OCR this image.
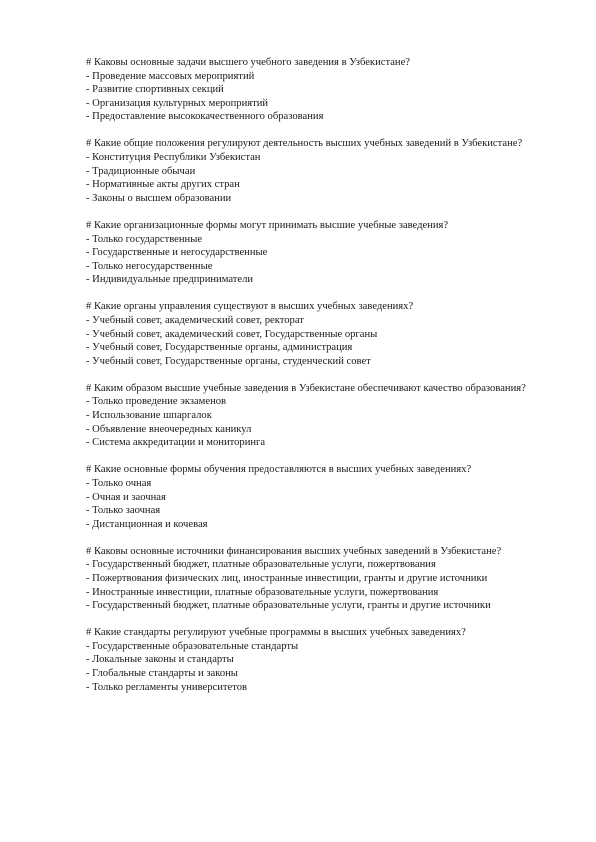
# Каковы основные задачи высшего учебного заведения в Узбекистане?
- Проведение массовых мероприятий
- Развитие спортивных секций
- Организация культурных мероприятий
- Предоставление высококачественного образования
# Какие общие положения регулируют деятельность высших учебных заведений в Узбекистане?
- Конституция Республики Узбекистан
- Традиционные обычаи
- Нормативные акты других стран
- Законы о высшем образовании
# Какие организационные формы могут принимать высшие учебные заведения?
- Только государственные
- Государственные и негосударственные
- Только негосударственные
- Индивидуальные предприниматели
# Какие органы управления существуют в высших учебных заведениях?
- Учебный совет, академический совет, ректорат
- Учебный совет, академический совет, Государственные органы
- Учебный совет, Государственные органы, администрация
- Учебный совет, Государственные органы, студенческий совет
# Каким образом высшие учебные заведения в Узбекистане обеспечивают качество образования?
- Только проведение экзаменов
- Использование шпаргалок
- Объявление внеочередных каникул
- Система аккредитации и мониторинга
# Какие основные формы обучения предоставляются в высших учебных заведениях?
- Только очная
- Очная и заочная
- Только заочная
- Дистанционная и кочевая
# Каковы основные источники финансирования высших учебных заведений в Узбекистане?
- Государственный бюджет, платные образовательные услуги, пожертвования
- Пожертвования физических лиц, иностранные инвестиции, гранты и другие источники
- Иностранные инвестиции, платные образовательные услуги, пожертвования
- Государственный бюджет, платные образовательные услуги, гранты и другие источники
# Какие стандарты регулируют учебные программы в высших учебных заведениях?
- Государственные образовательные стандарты
- Локальные законы и стандарты
- Глобальные стандарты и законы
- Только регламенты университетов
